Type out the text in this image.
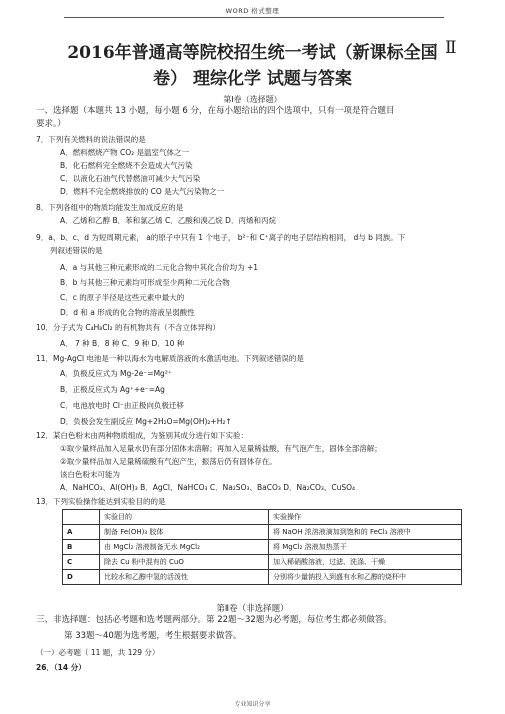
WORD 格式整理
2016年普通高等院校招生统一考试（新课标全国 Ⅱ
卷） 理综化学 试题与答案
第Ⅰ卷（选择题）
一、选择题（本题共 13 小题，每小题 6 分，在每小题给出的四个选项中，只有一项是符合题目
要求。）
7．下列有关燃料的说法错误的是
A．燃料燃烧产物 CO₂ 是温室气体之一
B．化石燃料完全燃烧不会造成大气污染
C．以液化石油气代替燃油可减少大气污染
D．燃料不完全燃烧排放的 CO 是大气污染物之一
8．下列各组中的物质均能发生加成反应的是
A．乙烯和乙醇 B．苯和氯乙烯 C．乙酸和溴乙烷 D．丙烯和丙烷
9．a、b、c、d 为短周期元素， a的原子中只有 1 个电子， b²⁻和 C⁺离子的电子层结构相同， d与 b 同族。下
列叙述错误的是
A．a 与其他三种元素形成的二元化合物中其化合价均为 +1
B．b 与其他三种元素均可形成至少两种二元化合物
C．c 的原子半径是这些元素中最大的
D．d 和 a 形成的化合物的溶液呈弱酸性
10．分子式为 C₄H₈Cl₂ 的有机物共有（不含立体异构）
A． 7 种 B．8 种 C．9 种 D．10 种
11．Mg-AgCl 电池是一种以海水为电解质溶液的水激活电池。下列叙述错误的是
A．负极反应式为 Mg-2e⁻=Mg²⁺
B．正极反应式为 Ag⁺+e⁻=Ag
C．电池放电时 Cl⁻由正极向负极迁移
D．负极会发生副反应 Mg+2H₂O=Mg(OH)₂+H₂↑
12．某白色粉末由两种物质组成，为鉴别其成分进行如下实验：
①取少量样品加入足量水仍有部分固体未溶解；再加入足量稀盐酸，有气泡产生，固体全部溶解；
②取少量样品加入足量稀硫酸有气泡产生，振荡后仍有固体存在。
该白色粉末可能为
A．NaHCO₃、Al(OH)₃ B．AgCl、NaHCO₃ C．Na₂SO₃、BaCO₃ D．Na₂CO₃、CuSO₄
13．下列实验操作能达到实验目的的是
	实验目的	实验操作
A	制备 Fe(OH)₃ 胶体	将 NaOH 浓溶液滴加到饱和的 FeCl₃ 溶液中
B	由 MgCl₂ 溶液制备无水 MgCl₂	将 MgCl₂ 溶液加热蒸干
C	除去 Cu 粉中混有的 CuO	加入稀硝酸溶液，过滤、洗涤、干燥
D	比较水和乙醇中氢的活泼性	分别将少量钠投入到盛有水和乙醇的烧杯中
第Ⅱ卷（非选择题）
三、非选择题：包括必考题和选考题两部分。第 22题～32题为必考题，每位考生都必须做答。
第 33题～40题为选考题，考生根据要求做答。
（一）必考题（ 11 题，共 129 分）
26．（14 分）
专业知识分享
